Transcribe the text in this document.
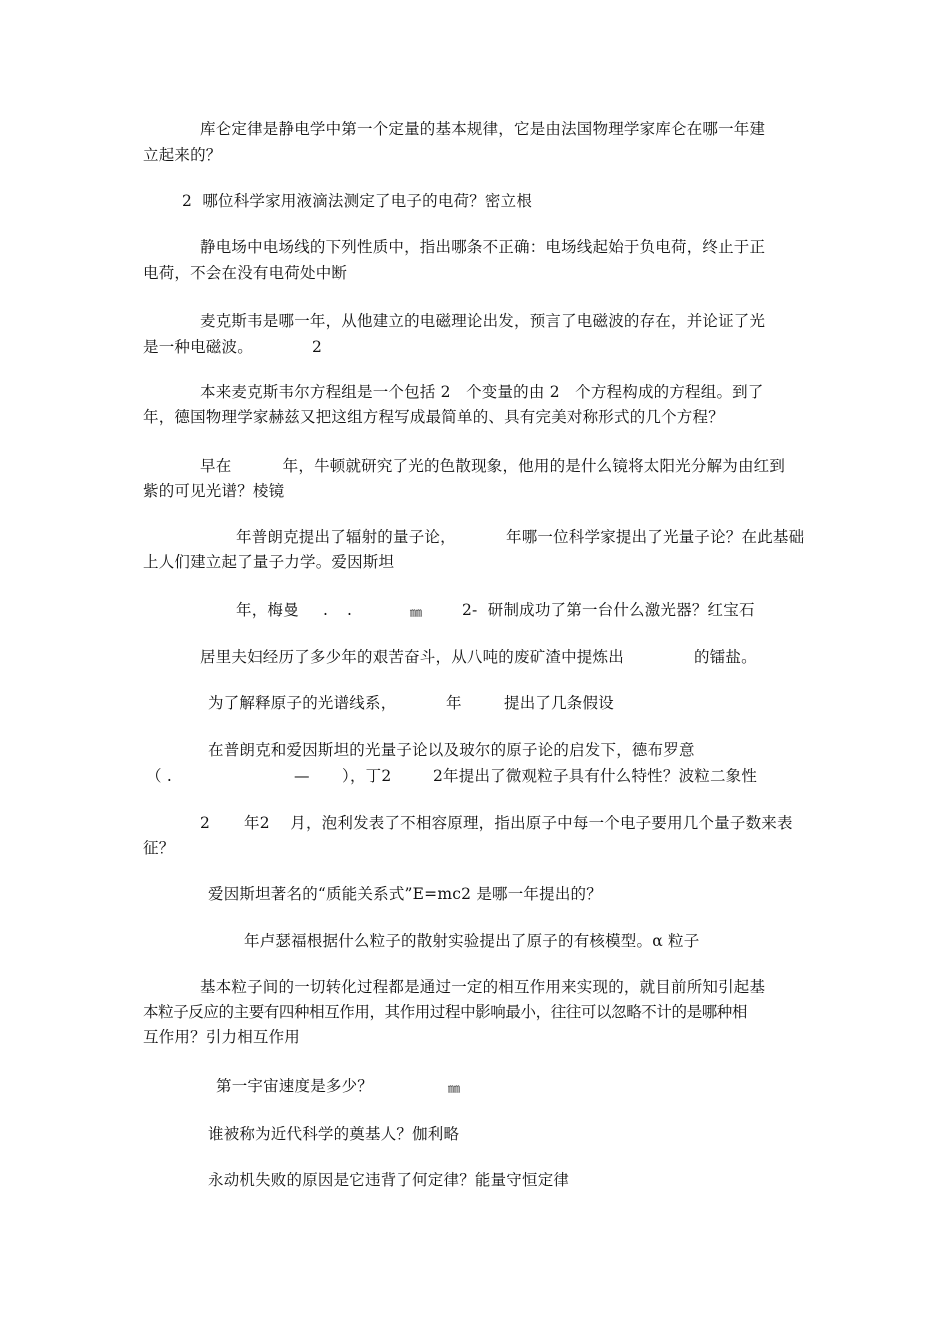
库仑定律是静电学中第一个定量的基本规律，它是由法国物理学家库仑在哪一年建
立起来的？
2  哪位科学家用液滴法测定了电子的电荷？密立根
静电场中电场线的下列性质中，指出哪条不正确：电场线起始于负电荷，终止于正
电荷，不会在没有电荷处中断
麦克斯韦是哪一年，从他建立的电磁理论出发，预言了电磁波的存在，并论证了光
是一种电磁波。	2
本来麦克斯韦尔方程组是一个包括 2   个变量的由 2   个方程构成的方程组。到了
年，德国物理学家赫兹又把这组方程写成最简单的、具有完美对称形式的几个方程？
早在          年，牛顿就研究了光的色散现象，他用的是什么镜将太阳光分解为由红到
紫的可见光谱？棱镜
年普朗克提出了辐射的量子论，	年哪一位科学家提出了光量子论？在此基础
上人们建立起了量子力学。爱因斯坦
年，梅曼 . .	㎜	2-  研制成功了第一台什么激光器？红宝石
居里夫妇经历了多少年的艰苦奋斗，从八吨的废矿渣中提炼出	的镭盐。
为了解释原子的光谱线系，	年	提出了几条假设
在普朗克和爱因斯坦的光量子论以及玻尔的原子论的启发下，德布罗意
（ .	— ），丁2	2年提出了微观粒子具有什么特性？波粒二象性
2 年2    月，泡利发表了不相容原理，指出原子中每一个电子要用几个量子数来表
征？
爱因斯坦著名的“质能关系式”E=mc2 是哪一年提出的？
年卢瑟福根据什么粒子的散射实验提出了原子的有核模型。α 粒子
基本粒子间的一切转化过程都是通过一定的相互作用来实现的，就目前所知引起基
本粒子反应的主要有四种相互作用，其作用过程中影响最小，往往可以忽略不计的是哪种相
互作用？引力相互作用
第一宇宙速度是多少？	㎜
谁被称为近代科学的奠基人？伽利略
永动机失败的原因是它违背了何定律？能量守恒定律
